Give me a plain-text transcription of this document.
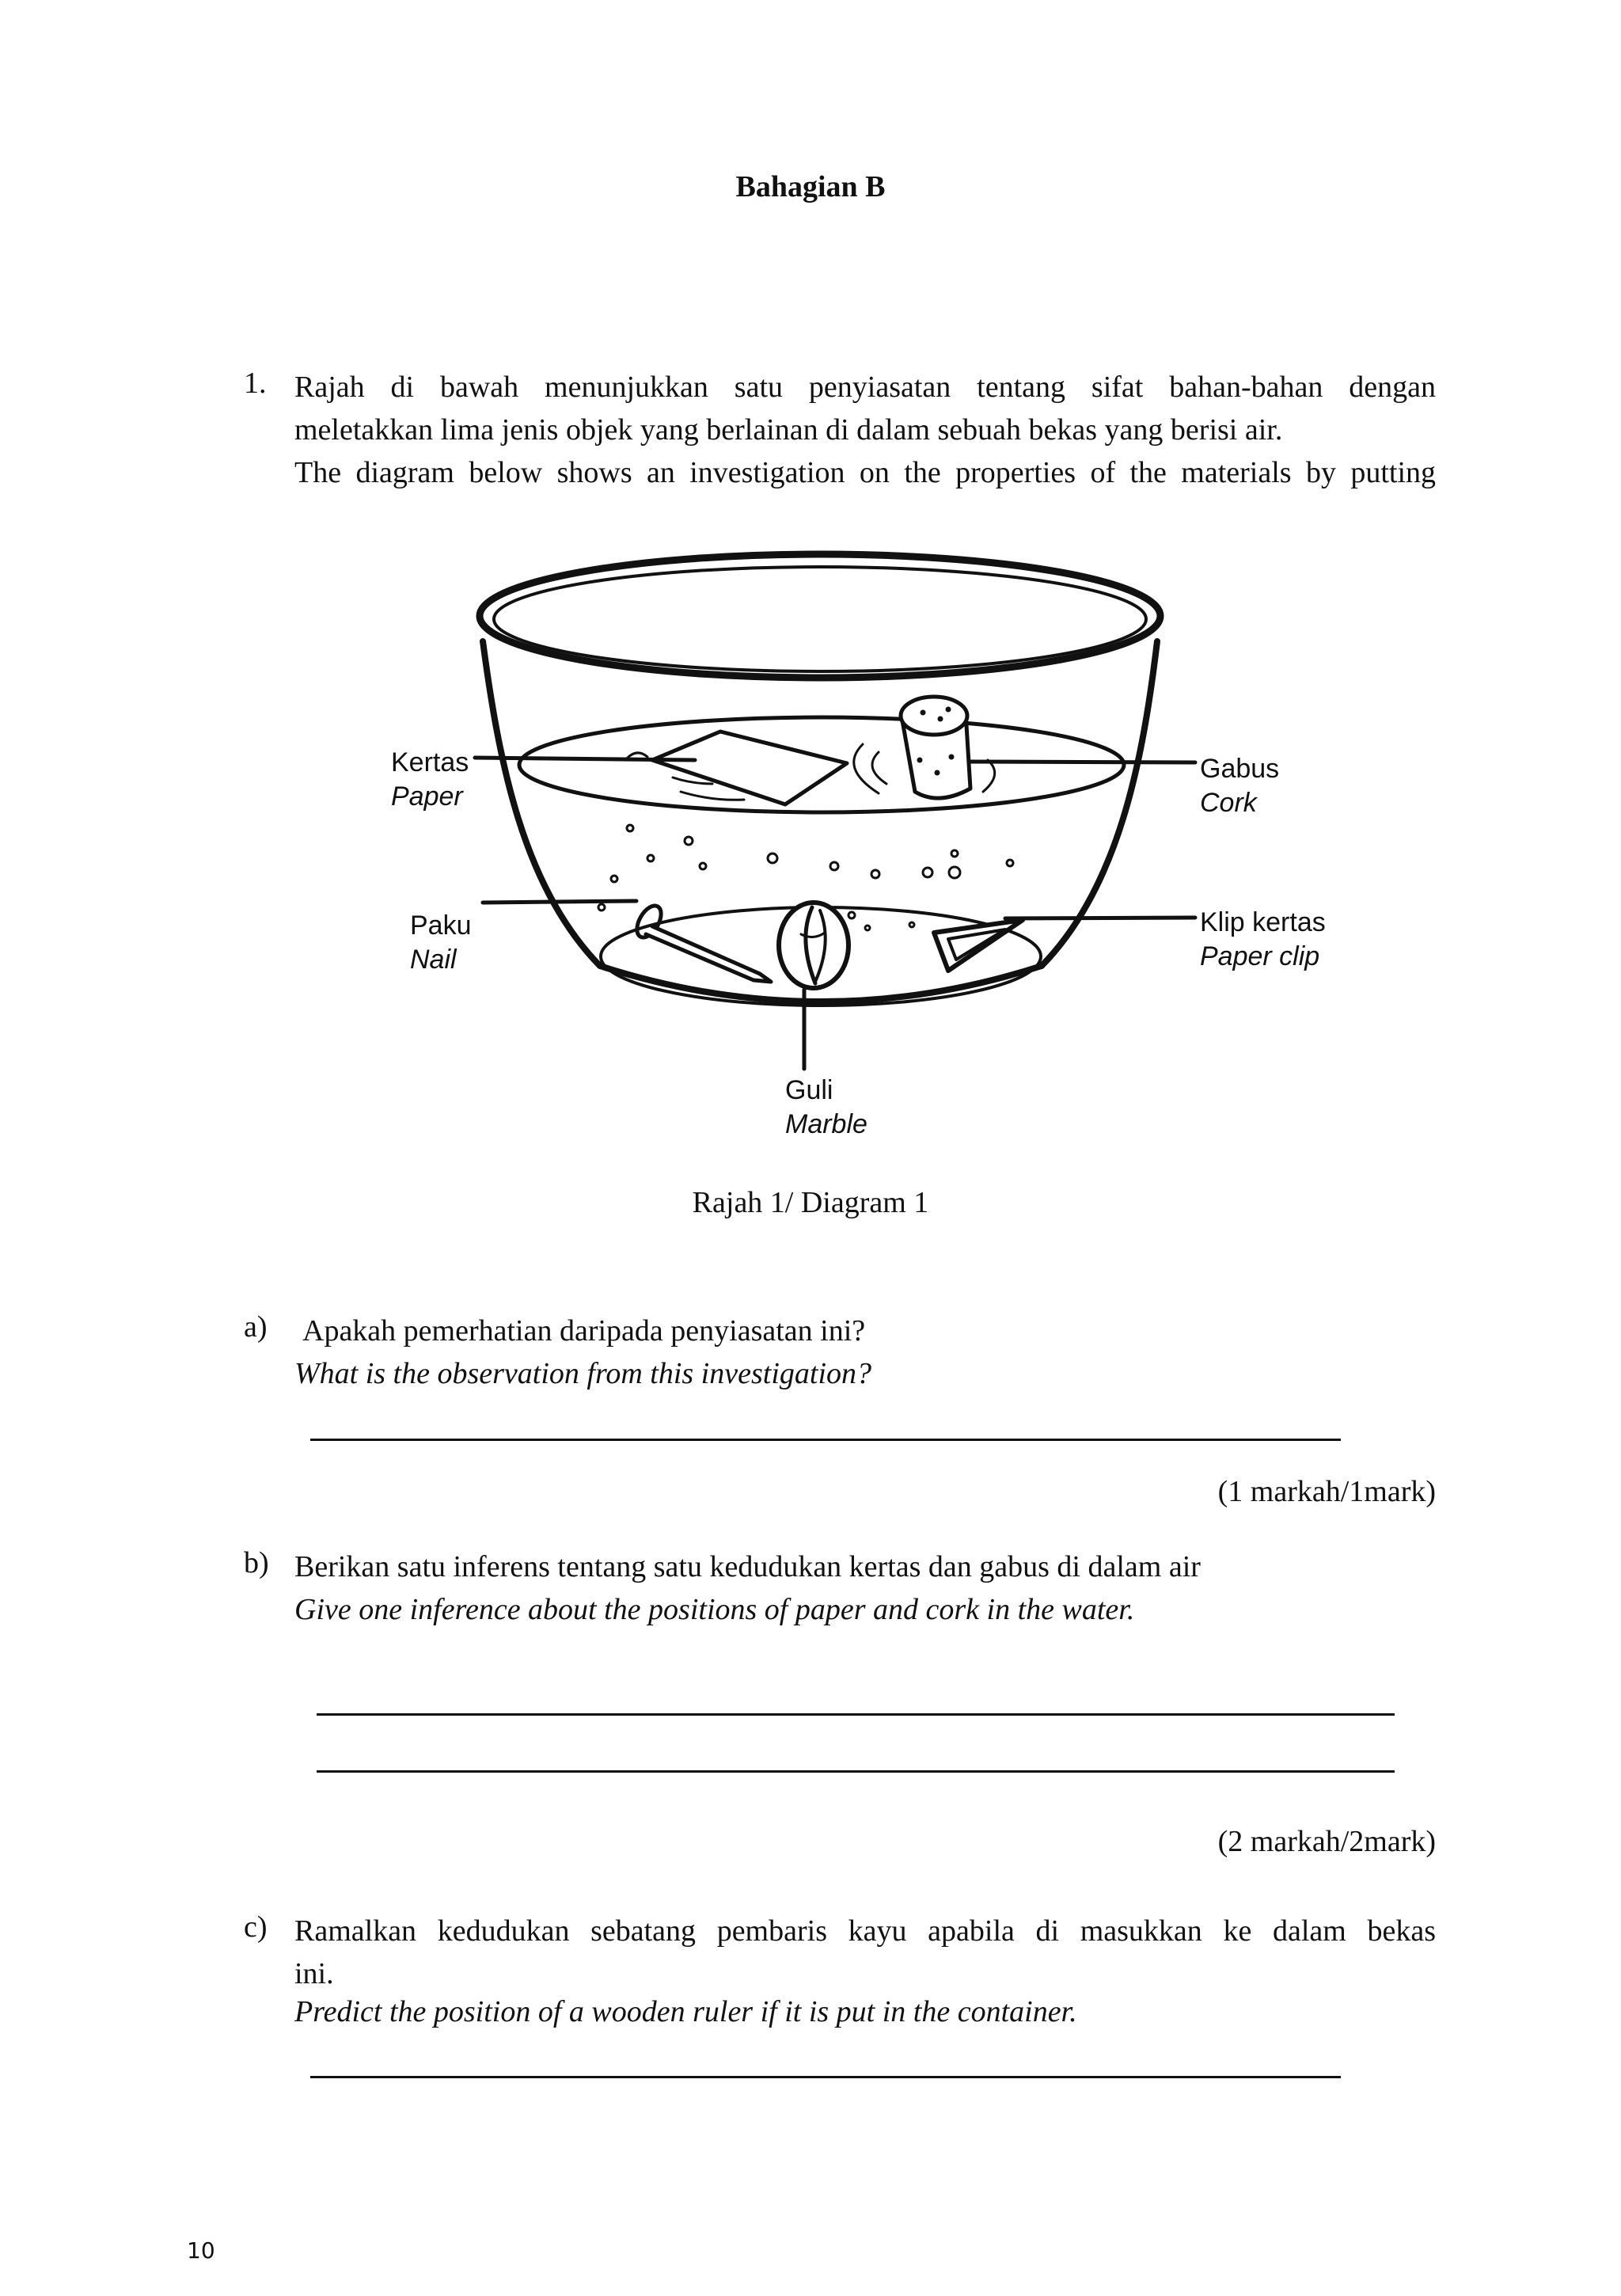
Bahagian B
1. Rajah di bawah menunjukkan satu penyiasatan tentang sifat bahan-bahan dengan
meletakkan lima jenis objek yang berlainan di dalam sebuah bekas yang berisi air.
The diagram below shows an investigation on the properties of the materials by putting
Kertas
Paper
Gabus
Cork
Paku
Nail
Klip kertas
Paper clip
Guli
Marble
Rajah 1/ Diagram 1
a) Apakah pemerhatian daripada penyiasatan ini?
What is the observation from this investigation?
(1 markah/1mark)
b) Berikan satu inferens tentang satu kedudukan kertas dan gabus di dalam air
Give one inference about the positions of paper and cork in the water.
(2 markah/2mark)
c) Ramalkan kedudukan sebatang pembaris kayu apabila di masukkan ke dalam bekas
ini.
Predict the position of a wooden ruler if it is put in the container.
10
